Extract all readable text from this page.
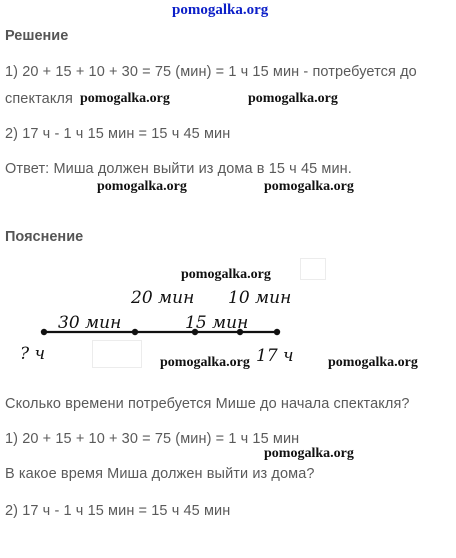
pomogalka.org
Решение
1) 20 + 15 + 10 + 30 = 75 (мин) = 1 ч 15 мин - потребуется до
спектакля pomogalka.org	pomogalka.org
2) 17 ч - 1 ч 15 мин = 15 ч 45 мин
Ответ: Миша должен выйти из дома в 15 ч 45 мин.
pomogalka.org	pomogalka.org
Пояснение
pomogalka.org
20 мин 10 мин
30 мин	15 мин
? ч	17 ч
pomogalka.org	pomogalka.org
Сколько времени потребуется Мише до начала спектакля?
1) 20 + 15 + 10 + 30 = 75 (мин) = 1 ч 15 мин
pomogalka.org
В какое время Миша должен выйти из дома?
2) 17 ч - 1 ч 15 мин = 15 ч 45 мин
